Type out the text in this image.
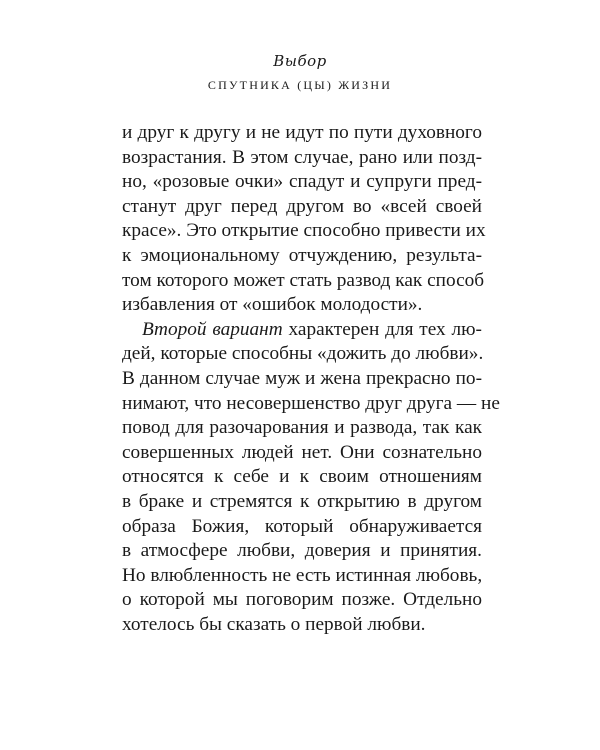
Выбор
СПУТНИКА (ЦЫ) ЖИЗНИ
и друг к другу и не идут по пути духовного
возрастания. В этом случае, рано или позд-
но, «розовые очки» спадут и супруги пред-
станут друг перед другом во «всей своей
красе». Это открытие способно привести их
к эмоциональному отчуждению, результа-
том которого может стать развод как способ
избавления от «ошибок молодости».
Второй вариант характерен для тех лю-
дей, которые способны «дожить до любви».
В данном случае муж и жена прекрасно по-
нимают, что несовершенство друг друга — не
повод для разочарования и развода, так как
совершенных людей нет. Они сознательно
относятся к себе и к своим отношениям
в браке и стремятся к открытию в другом
образа Божия, который обнаруживается
в атмосфере любви, доверия и принятия.
Но влюбленность не есть истинная любовь,
о которой мы поговорим позже. Отдельно
хотелось бы сказать о первой любви.
